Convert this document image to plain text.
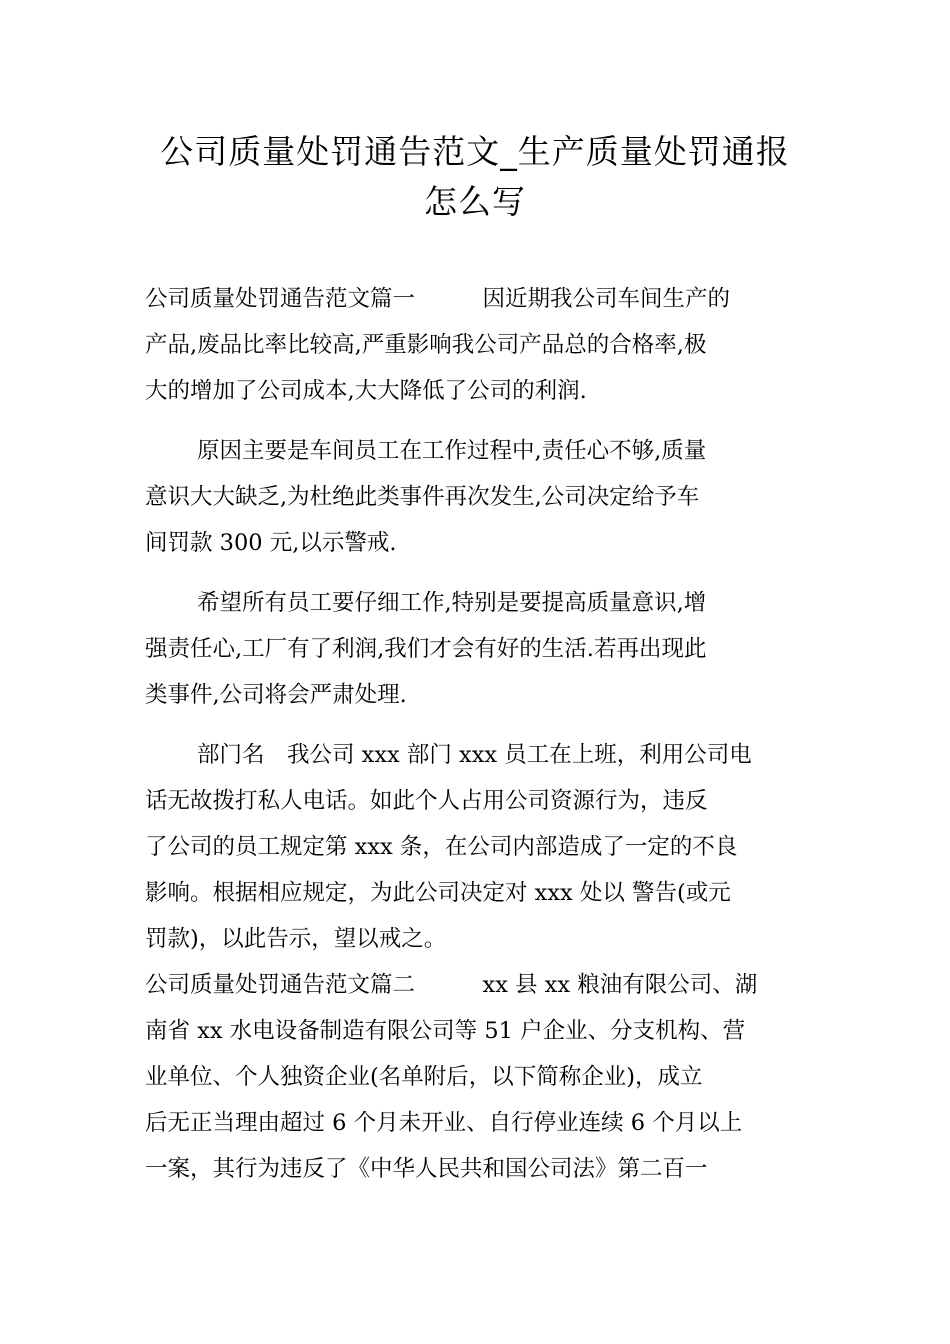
公司质量处罚通告范文_生产质量处罚通报
怎么写
公司质量处罚通告范文篇一　　　因近期我公司车间生产的
产品,废品比率比较高,严重影响我公司产品总的合格率,极
大的增加了公司成本,大大降低了公司的利润.
原因主要是车间员工在工作过程中,责任心不够,质量
意识大大缺乏,为杜绝此类事件再次发生,公司决定给予车
间罚款 300 元,以示警戒.
希望所有员工要仔细工作,特别是要提高质量意识,增
强责任心,工厂有了利润,我们才会有好的生活.若再出现此
类事件,公司将会严肃处理.
部门名　我公司 xxx 部门 xxx 员工在上班，利用公司电
话无故拨打私人电话。如此个人占用公司资源行为，违反
了公司的员工规定第 xxx 条，在公司内部造成了一定的不良
影响。根据相应规定，为此公司决定对 xxx 处以 警告(或元
罚款)，以此告示，望以戒之。
公司质量处罚通告范文篇二　　　xx 县 xx 粮油有限公司、湖
南省 xx 水电设备制造有限公司等 51 户企业、分支机构、营
业单位、个人独资企业(名单附后，以下简称企业)，成立
后无正当理由超过 6 个月未开业、自行停业连续 6 个月以上
一案，其行为违反了《中华人民共和国公司法》第二百一
